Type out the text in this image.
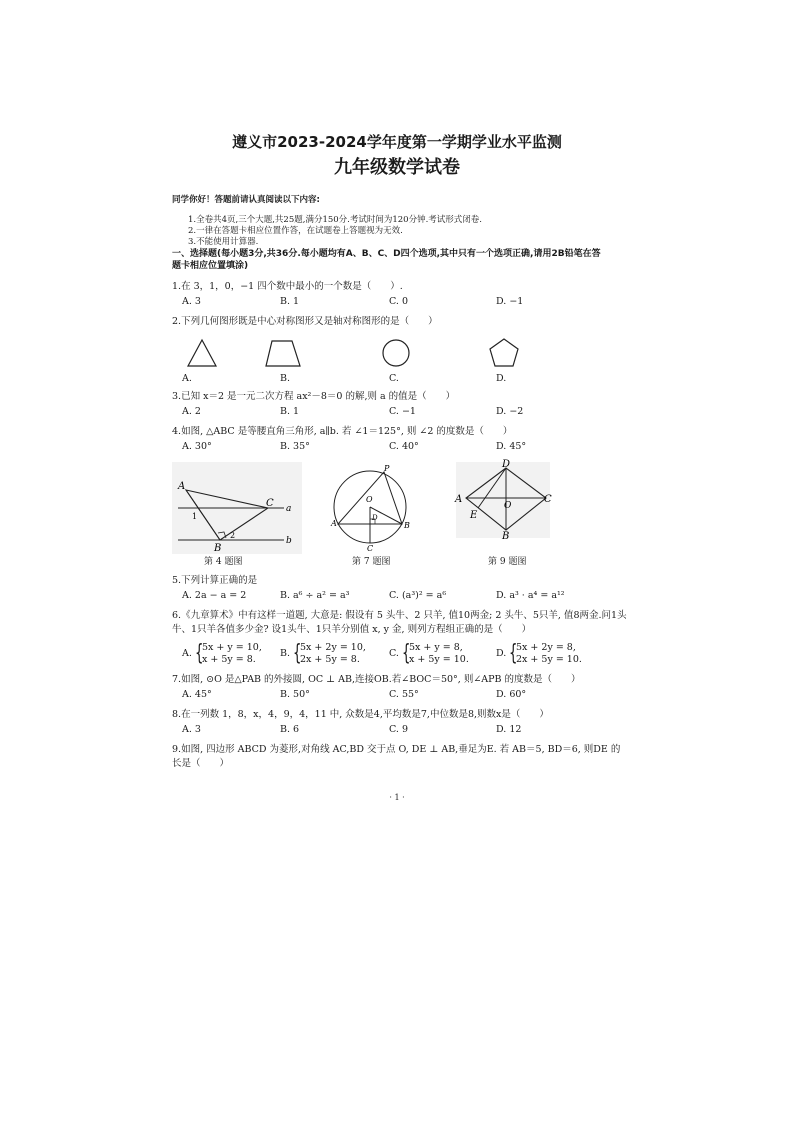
遵义市2023-2024学年度第一学期学业水平监测
九年级数学试卷
同学你好！答题前请认真阅读以下内容:
1.全卷共4页,三个大题,共25题,满分150分.考试时间为120分钟.考试形式闭卷.
2.一律在答题卡相应位置作答，在试题卷上答题视为无效.
3.不能使用计算器.
一、选择题(每小题3分,共36分.每小题均有A、B、C、D四个选项,其中只有一个选项正确,请用2B铅笔在答
题卡相应位置填涂)
1.在 3，1，0，−1 四个数中最小的一个数是（　　）.
A. 3	B. 1	C. 0	D. −1
2.下列几何图形既是中心对称图形又是轴对称图形的是（　　）
A.	B.	C.	D.
3.已知 x＝2 是一元二次方程 ax²－8＝0 的解,则 a 的值是（　　）
A. 2	B. 1	C. −1	D. −2
4.如图, △ABC 是等腰直角三角形, a∥b. 若 ∠1＝125°, 则 ∠2 的度数是（　　）
A. 30°	B. 35°	C. 40°	D. 45°
A
C a
1
2
B
b
第 4 题图
P
O
A
D
B
C
第 7 题图
D
A
O
C
E
B
第 9 题图
5.下列计算正确的是
A. 2a − a = 2	B. a⁶ ÷ a² = a³	C. (a³)² = a⁶	D. a³ · a⁴ = a¹²
6.《九章算术》中有这样一道题, 大意是: 假设有 5 头牛、2 只羊, 值10两金; 2 头牛、5只羊, 值8两金.问1头
牛、1只羊各值多少金? 设1头牛、1只羊分别值 x, y 金, 则列方程组正确的是（　　）
A. {
5x + y = 10,
x + 5y = 8.
B. {
5x + 2y = 10,
2x + 5y = 8.
C. {
5x + y = 8,
x + 5y = 10.
D. {
5x + 2y = 8,
2x + 5y = 10.
7.如图, ⊙O 是△PAB 的外接圆, OC ⊥ AB,连接OB.若∠BOC＝50°, 则∠APB 的度数是（　　）
A. 45°	B. 50°	C. 55°	D. 60°
8.在一列数 1，8，x，4，9，4，11 中, 众数是4,平均数是7,中位数是8,则数x是（　　）
A. 3	B. 6	C. 9	D. 12
9.如图, 四边形 ABCD 为菱形,对角线 AC,BD 交于点 O, DE ⊥ AB,垂足为E. 若 AB＝5, BD＝6, 则DE 的
长是（　　）
· 1 ·
